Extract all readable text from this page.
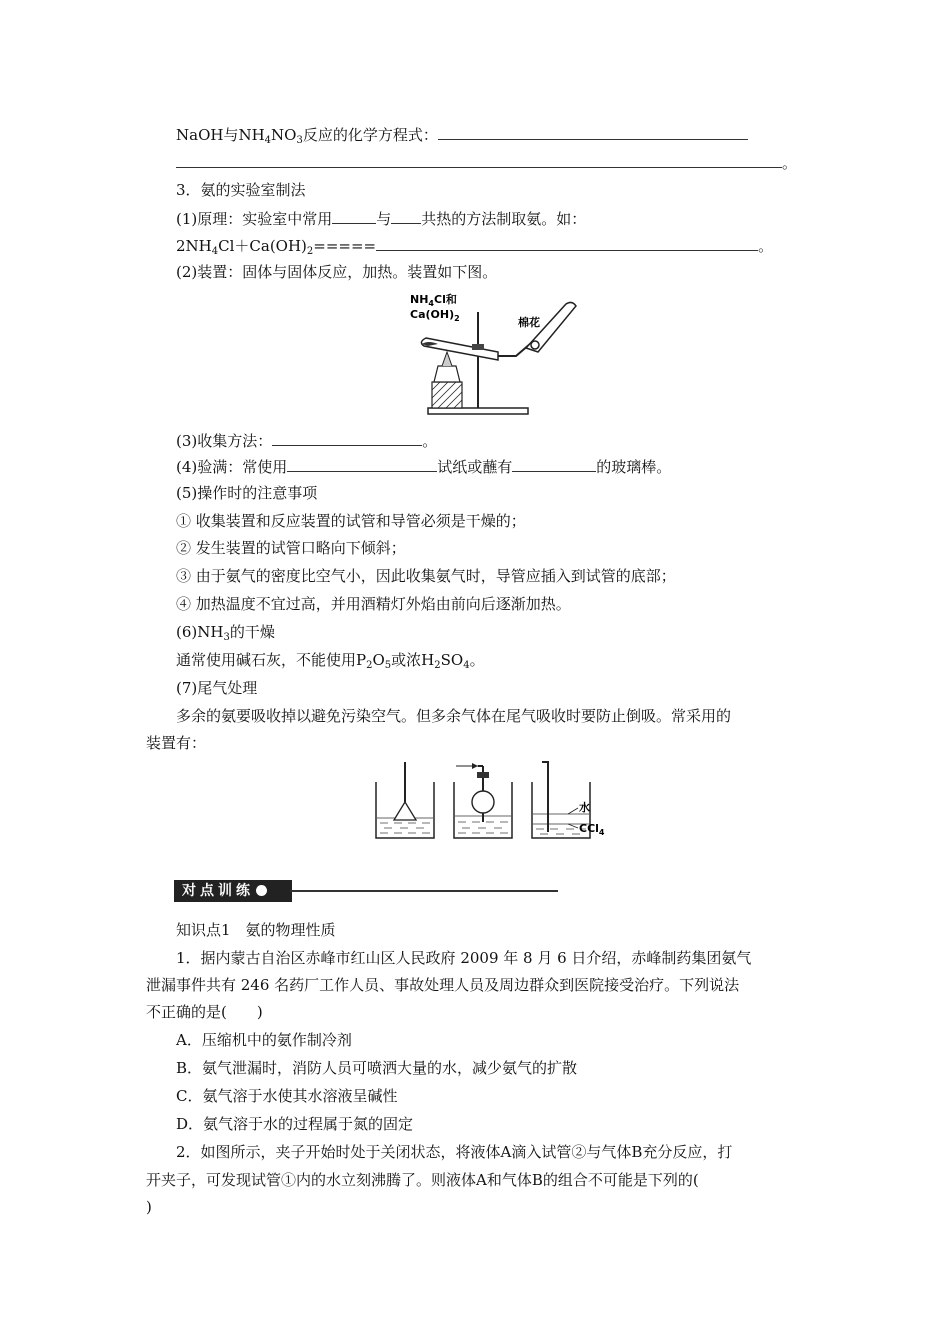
NaOH与$NH_4NO_3$反应的化学方程式：
。
3．氨的实验室制法
(1)原理：实验室中常用	与 共热的方法制取氨。如：
$2NH_4Cl+Ca(OH)_2=====$	。
(2)装置：固体与固体反应，加热。装置如下图。
$NH_4Cl$和
$Ca(OH)_2$	棉花
(3)收集方法：	。
(4)验满：常使用	试纸或蘸有	的玻璃棒。
(5)操作时的注意事项
① 收集装置和反应装置的试管和导管必须是干燥的；
② 发生装置的试管口略向下倾斜；
③ 由于氨气的密度比空气小，因此收集氨气时，导管应插入到试管的底部；
④ 加热温度不宜过高，并用酒精灯外焰由前向后逐渐加热。
$(6)NH_3$的干燥
通常使用碱石灰，不能使用$P_2O_5$或浓$H_2SO_4$。
(7)尾气处理
多余的氨要吸收掉以避免污染空气。但多余气体在尾气吸收时要防止倒吸。常采用的
装置有：
水
CCl$_4$
对点训练
知识点1　氨的物理性质
1．据内蒙古自治区赤峰市红山区人民政府 2009 年 8 月 6 日介绍，赤峰制药集团氨气
泄漏事件共有 246 名药厂工作人员、事故处理人员及周边群众到医院接受治疗。下列说法
不正确的是(　　)
A．压缩机中的氨作制冷剂
B．氨气泄漏时，消防人员可喷洒大量的水，减少氨气的扩散
C．氨气溶于水使其水溶液呈碱性
D．氨气溶于水的过程属于氮的固定
2．如图所示，夹子开始时处于关闭状态，将液体A滴入试管②与气体B充分反应，打
开夹子，可发现试管①内的水立刻沸腾了。则液体A和气体B的组合不可能是下列的(
)
